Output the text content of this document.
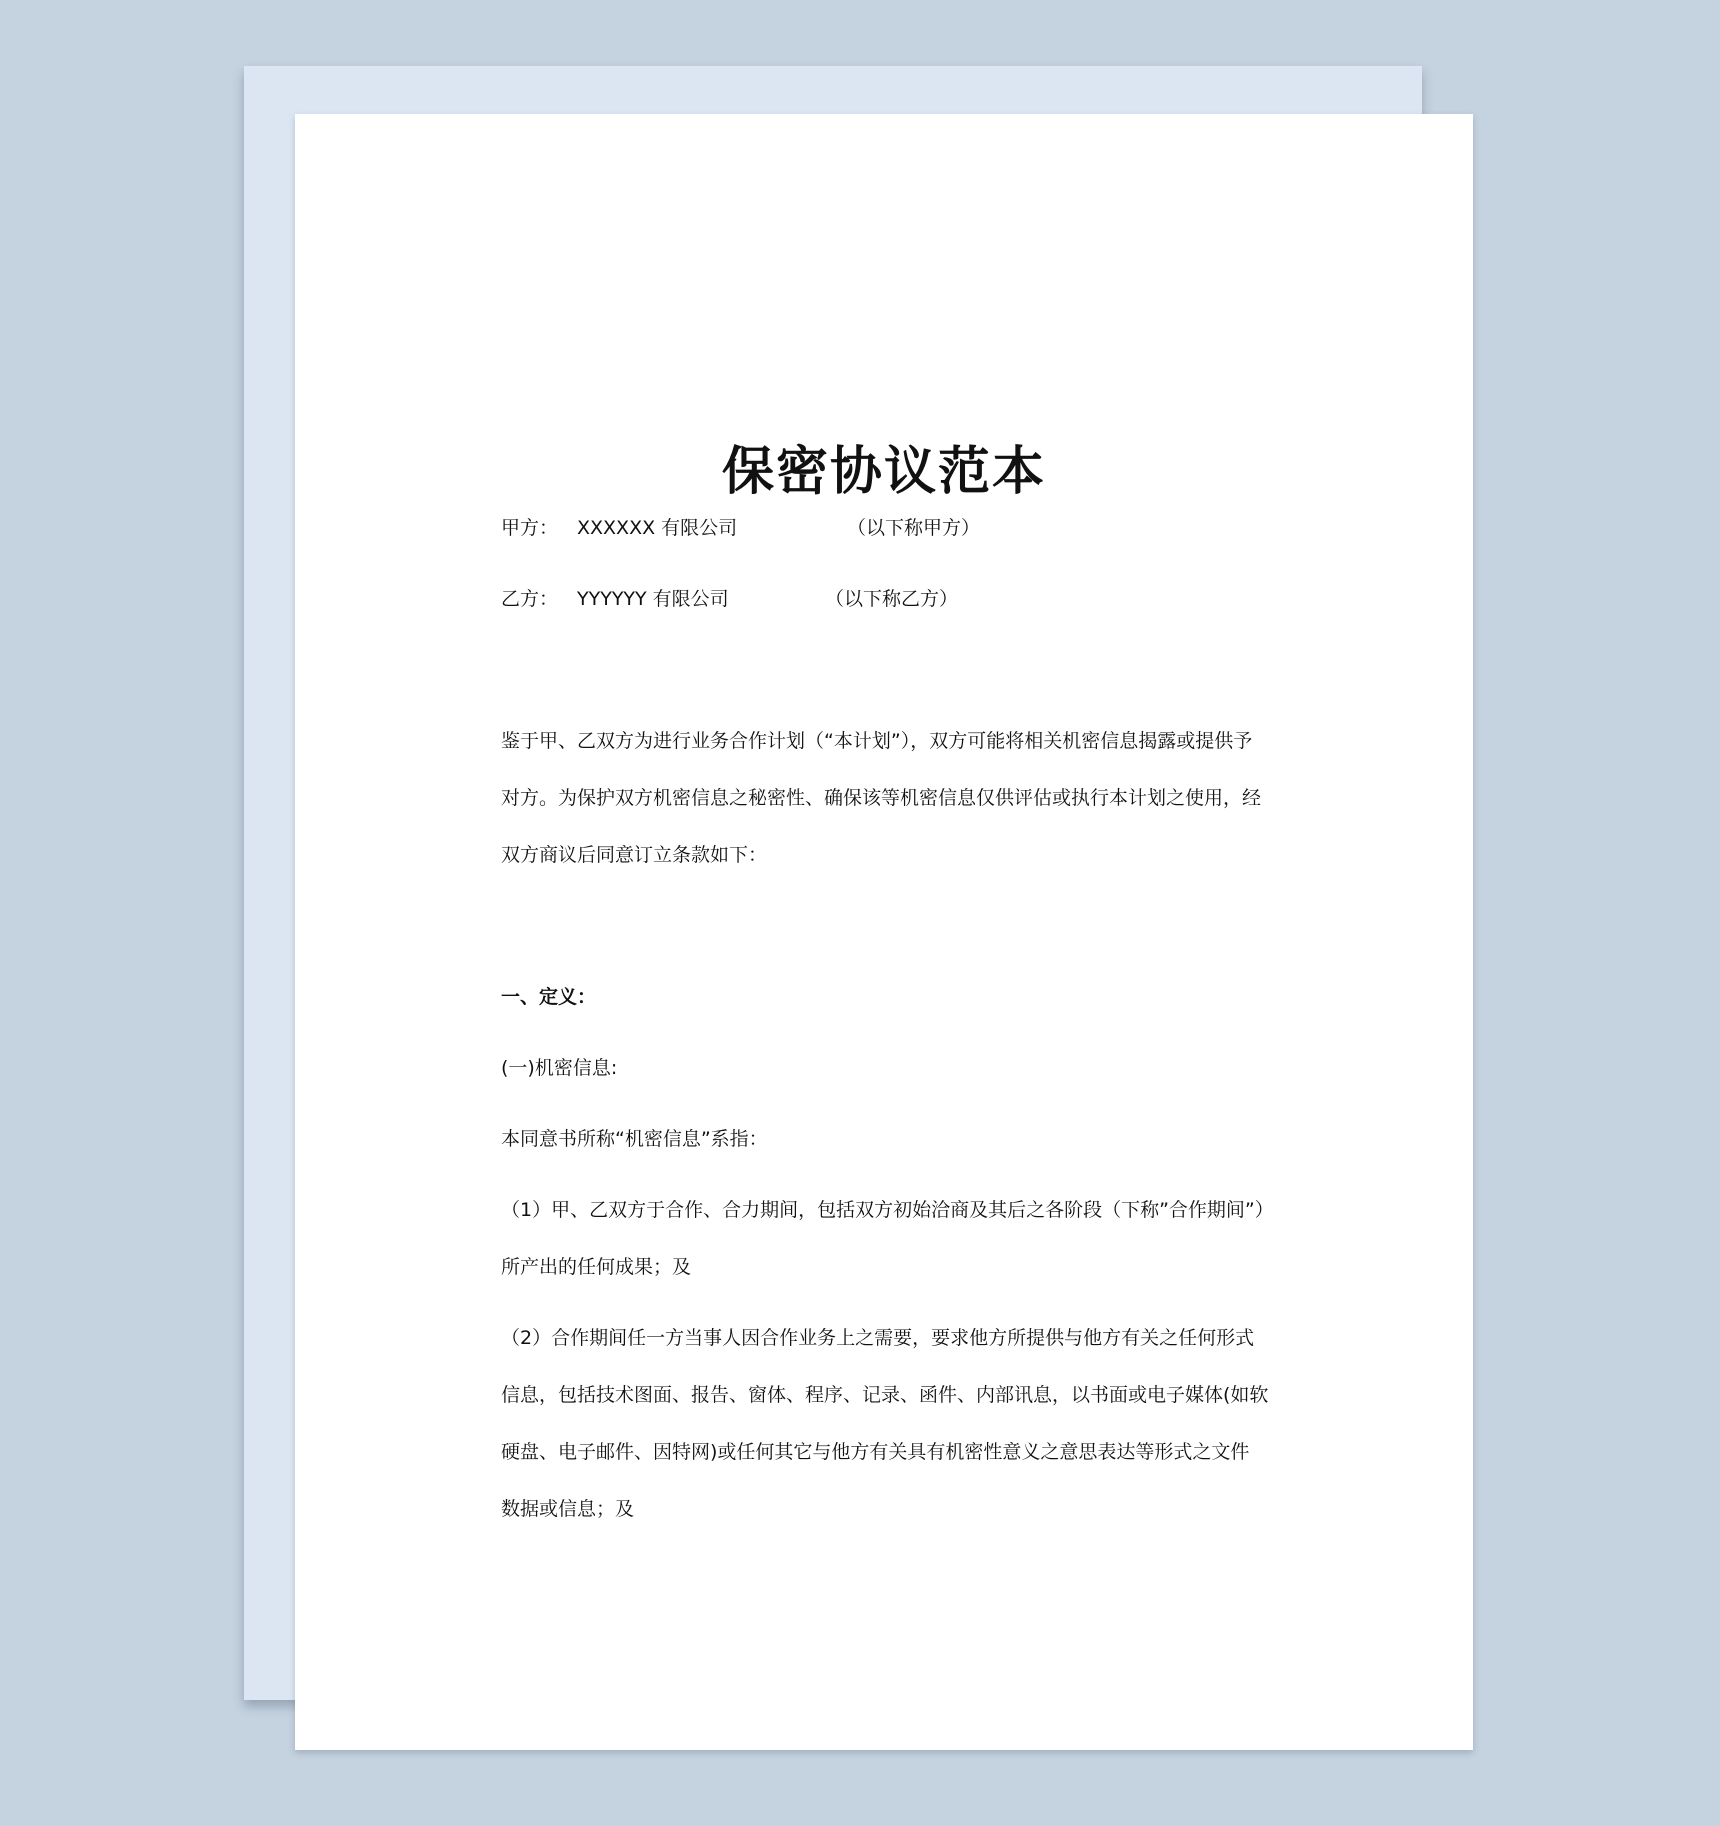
保密协议范本
甲方： XXXXXX 有限公司	（以下称甲方）
乙方： YYYYYY 有限公司	（以下称乙方）
鉴于甲、乙双方为进行业务合作计划（“本计划”），双方可能将相关机密信息揭露或提供予
对方。为保护双方机密信息之秘密性、确保该等机密信息仅供评估或执行本计划之使用，经
双方商议后同意订立条款如下：
一、定义：
(一)机密信息:
本同意书所称“机密信息”系指：
（1）甲、乙双方于合作、合力期间，包括双方初始洽商及其后之各阶段（下称”合作期间”）
所产出的任何成果；及
（2）合作期间任一方当事人因合作业务上之需要，要求他方所提供与他方有关之任何形式
信息，包括技术图面、报告、窗体、程序、记录、函件、内部讯息，以书面或电子媒体(如软
硬盘、电子邮件、因特网)或任何其它与他方有关具有机密性意义之意思表达等形式之文件
数据或信息；及
